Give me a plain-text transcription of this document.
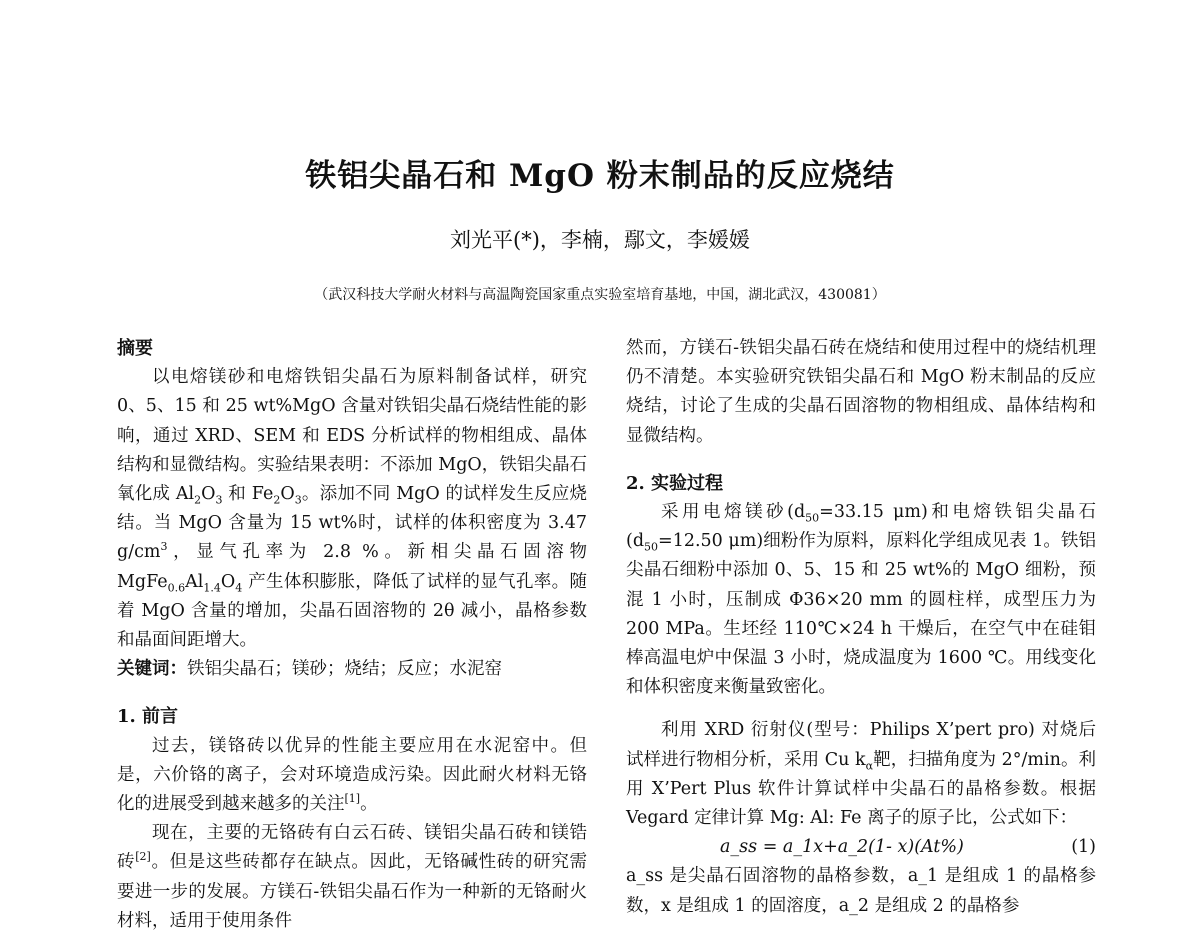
铁铝尖晶石和 MgO 粉末制品的反应烧结
刘光平(*)，李楠，鄢文，李媛媛
（武汉科技大学耐火材料与高温陶瓷国家重点实验室培育基地，中国，湖北武汉，430081）

摘要

以电熔镁砂和电熔铁铝尖晶石为原料制备试样，研究 0、5、15 和 25 wt%MgO 含量对铁铝尖晶石烧结性能的影响，通过 XRD、SEM 和 EDS 分析试样的物相组成、晶体结构和显微结构。实验结果表明：不添加 MgO，铁铝尖晶石氧化成 $Al_2O_3$ 和 $Fe_2O_3$。添加不同 MgO 的试样发生反应烧结。当 MgO 含量为 15 wt%时，试样的体积密度为 3.47 $g/cm^3$，显气孔率为 2.8 %。新相尖晶石固溶物 $MgFe_{0.6}Al_{1.4}O_4$ 产生体积膨胀，降低了试样的显气孔率。随着 MgO 含量的增加，尖晶石固溶物的 2θ 减小，晶格参数和晶面间距增大。

关键词：铁铝尖晶石；镁砂；烧结；反应；水泥窑

1. 前言

过去，镁铬砖以优异的性能主要应用在水泥窑中。但是，六价铬的离子，会对环境造成污染。因此耐火材料无铬化的进展受到越来越多的关注[1]。

现在，主要的无铬砖有白云石砖、镁铝尖晶石砖和镁锆砖[2]。但是这些砖都存在缺点。因此，无铬碱性砖的研究需要进一步的发展。方镁石-铁铝尖晶石作为一种新的无铬耐火材料，适用于使用条件

然而，方镁石-铁铝尖晶石砖在烧结和使用过程中的烧结机理仍不清楚。本实验研究铁铝尖晶石和 MgO 粉末制品的反应烧结，讨论了生成的尖晶石固溶物的物相组成、晶体结构和显微结构。

2. 实验过程

采用电熔镁砂($d_{50}=33.15$ μm)和电熔铁铝尖晶石($d_{50}=12.50$ μm)细粉作为原料，原料化学组成见表 1。铁铝尖晶石细粉中添加 0、5、15 和 25 wt%的 MgO 细粉，预混 1 小时，压制成 Φ36×20 mm 的圆柱样，成型压力为 200 MPa。生坯经 110℃×24 h 干燥后，在空气中在硅钼棒高温电炉中保温 3 小时，烧成温度为 1600 ℃。用线变化和体积密度来衡量致密化。

利用 XRD 衍射仪(型号：Philips X’pert pro) 对烧后试样进行物相分析，采用 Cu $k_\alpha$靶，扫描角度为 2°/min。利用 X’Pert Plus 软件计算试样中尖晶石的晶格参数。根据 Vegard 定律计算 Mg: Al: Fe 离子的原子比，公式如下：

a_ss = a_1x+a_2(1- x)(At%)	(1)

a_ss 是尖晶石固溶物的晶格参数，a_1 是组成 1 的晶格参数，x 是组成 1 的固溶度，a_2 是组成 2 的晶格参
